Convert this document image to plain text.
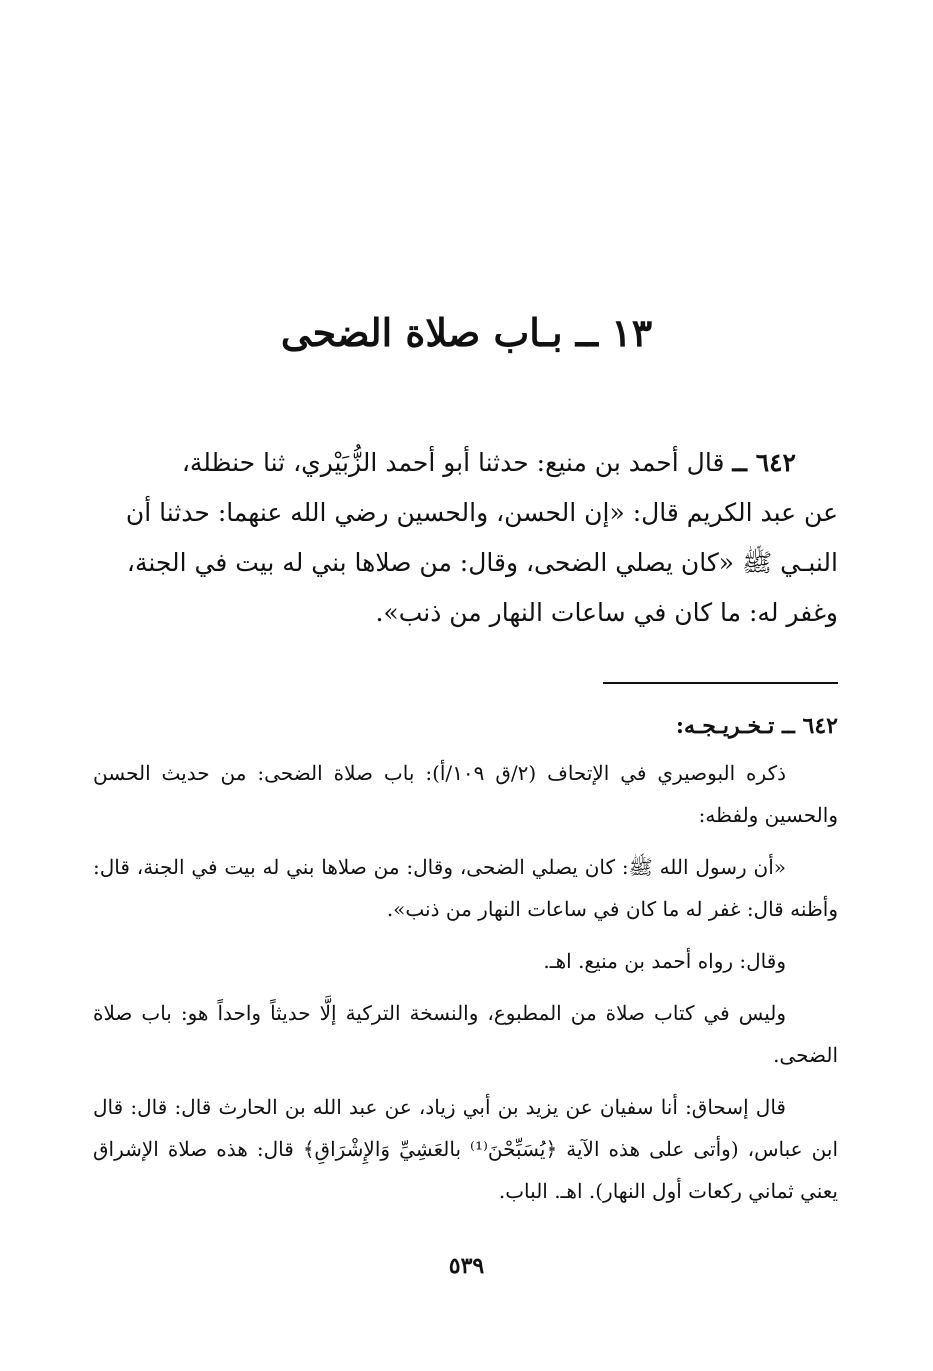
١٣ ــ بـاب صلاة الضحى

٦٤٢ ــ قال أحمد بن منيع: حدثنا أبو أحمد الزُّبَيْري، ثنا حنظلة،

عن عبد الكريم قال: «إن الحسن، والحسين رضي الله عنهما: حدثنا أن

النبـي ﷺ «كان يصلي الضحى، وقال: من صلاها بني له بيت في الجنة،

وغفر له: ما كان في ساعات النهار من ذنب».

٦٤٢ ــ تـخـريـجـه:

ذكره البوصيري في الإتحاف (٢/ق ١٠٩/أ): باب صلاة الضحى: من حديث الحسن والحسين ولفظه:

«أن رسول الله ﷺ: كان يصلي الضحى، وقال: من صلاها بني له بيت في الجنة، قال: وأظنه قال: غفر له ما كان في ساعات النهار من ذنب».

وقال: رواه أحمد بن منيع. اهـ.

وليس في كتاب صلاة من المطبوع، والنسخة التركية إلَّا حديثاً واحداً هو: باب صلاة الضحى.

قال إسحاق: أنا سفيان عن يزيد بن أبي زياد، عن عبد الله بن الحارث قال: قال: قال ابن عباس، (وأتى على هذه الآية ﴿يُسَبِّحْنَ⁽¹⁾ بالعَشِيِّ وَالإِشْرَاقِ﴾ قال: هذه صلاة الإشراق يعني ثماني ركعات أول النهار). اهـ. الباب.

٥٣٩
